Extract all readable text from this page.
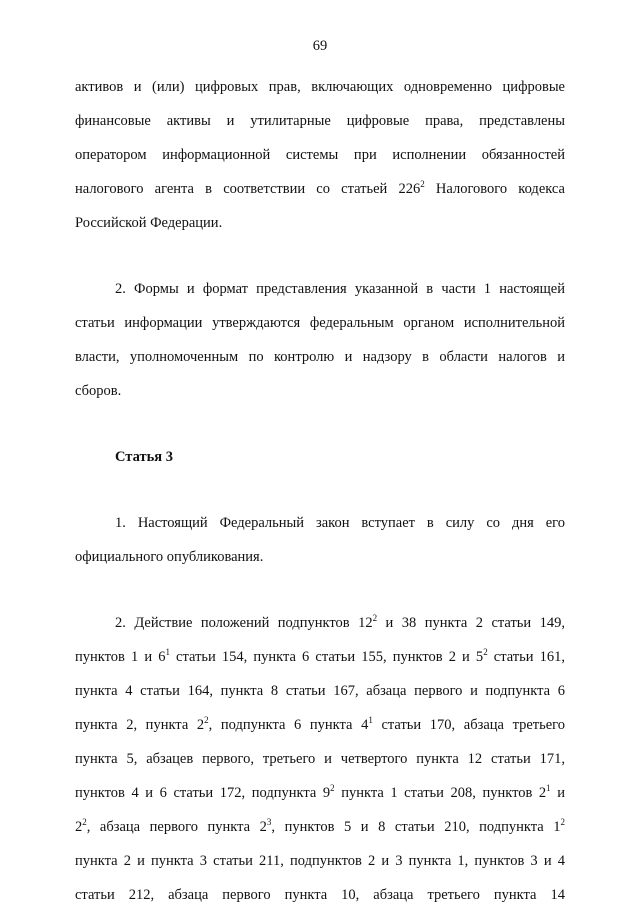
69
активов и (или) цифровых прав, включающих одновременно цифровые
финансовые активы и утилитарные цифровые права, представлены
оператором информационной системы при исполнении обязанностей
налогового агента в соответствии со статьей $226^2$ Налогового кодекса
Российской Федерации.
2. Формы и формат представления указанной в части 1 настоящей
статьи информации утверждаются федеральным органом исполнительной
власти, уполномоченным по контролю и надзору в области налогов и
сборов.
Статья 3
1. Настоящий Федеральный закон вступает в силу со дня его
официального опубликования.
2. Действие положений подпунктов $12^2$ и 38 пункта 2 статьи 149,
пунктов 1 и $6^1$ статьи 154, пункта 6 статьи 155, пунктов 2 и $5^2$ статьи 161,
пункта 4 статьи 164, пункта 8 статьи 167, абзаца первого и подпункта 6
пункта 2, пункта $2^2$, подпункта 6 пункта $4^1$ статьи 170, абзаца третьего
пункта 5, абзацев первого, третьего и четвертого пункта 12 статьи 171,
пунктов 4 и 6 статьи 172, подпункта $9^2$ пункта 1 статьи 208, пунктов $2^1$ и
$2^2$, абзаца первого пункта $2^3$, пунктов 5 и 8 статьи 210, подпункта $1^2$
пункта 2 и пункта 3 статьи 211, подпунктов 2 и 3 пункта 1, пунктов 3 и 4
статьи 212, абзаца первого пункта 10, абзаца третьего пункта 14
